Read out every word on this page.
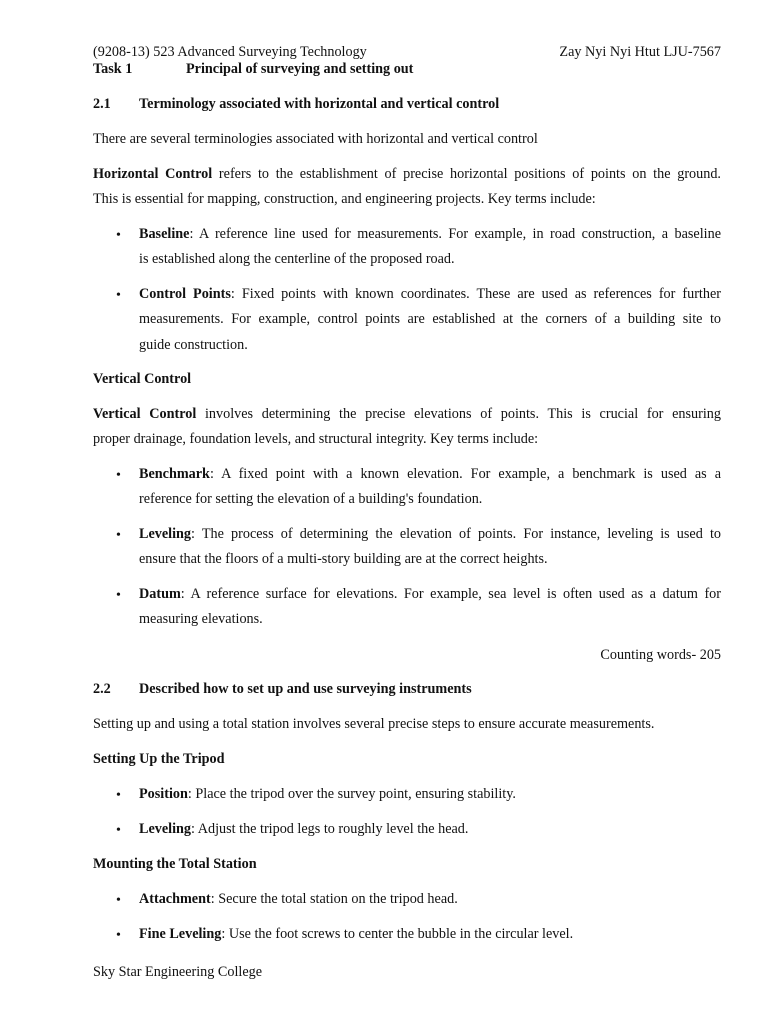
(9208-13) 523 Advanced Surveying Technology	Zay Nyi Nyi Htut LJU-7567
Task 1	Principal of surveying and setting out
2.1 Terminology associated with horizontal and vertical control
There are several terminologies associated with horizontal and vertical control
Horizontal Control refers to the establishment of precise horizontal positions of points on the ground.
This is essential for mapping, construction, and engineering projects. Key terms include:
•
Baseline: A reference line used for measurements. For example, in road construction, a baseline
is established along the centerline of the proposed road.
•
Control Points: Fixed points with known coordinates. These are used as references for further
measurements. For example, control points are established at the corners of a building site to
guide construction.
Vertical Control
Vertical Control involves determining the precise elevations of points. This is crucial for ensuring
proper drainage, foundation levels, and structural integrity. Key terms include:
•
Benchmark: A fixed point with a known elevation. For example, a benchmark is used as a
reference for setting the elevation of a building's foundation.
•
Leveling: The process of determining the elevation of points. For instance, leveling is used to
ensure that the floors of a multi-story building are at the correct heights.
•
Datum: A reference surface for elevations. For example, sea level is often used as a datum for
measuring elevations.
Counting words- 205
2.2 Described how to set up and use surveying instruments
Setting up and using a total station involves several precise steps to ensure accurate measurements.
Setting Up the Tripod
•
Position: Place the tripod over the survey point, ensuring stability.
•
Leveling: Adjust the tripod legs to roughly level the head.
Mounting the Total Station
•
Attachment: Secure the total station on the tripod head.
•
Fine Leveling: Use the foot screws to center the bubble in the circular level.
Sky Star Engineering College
